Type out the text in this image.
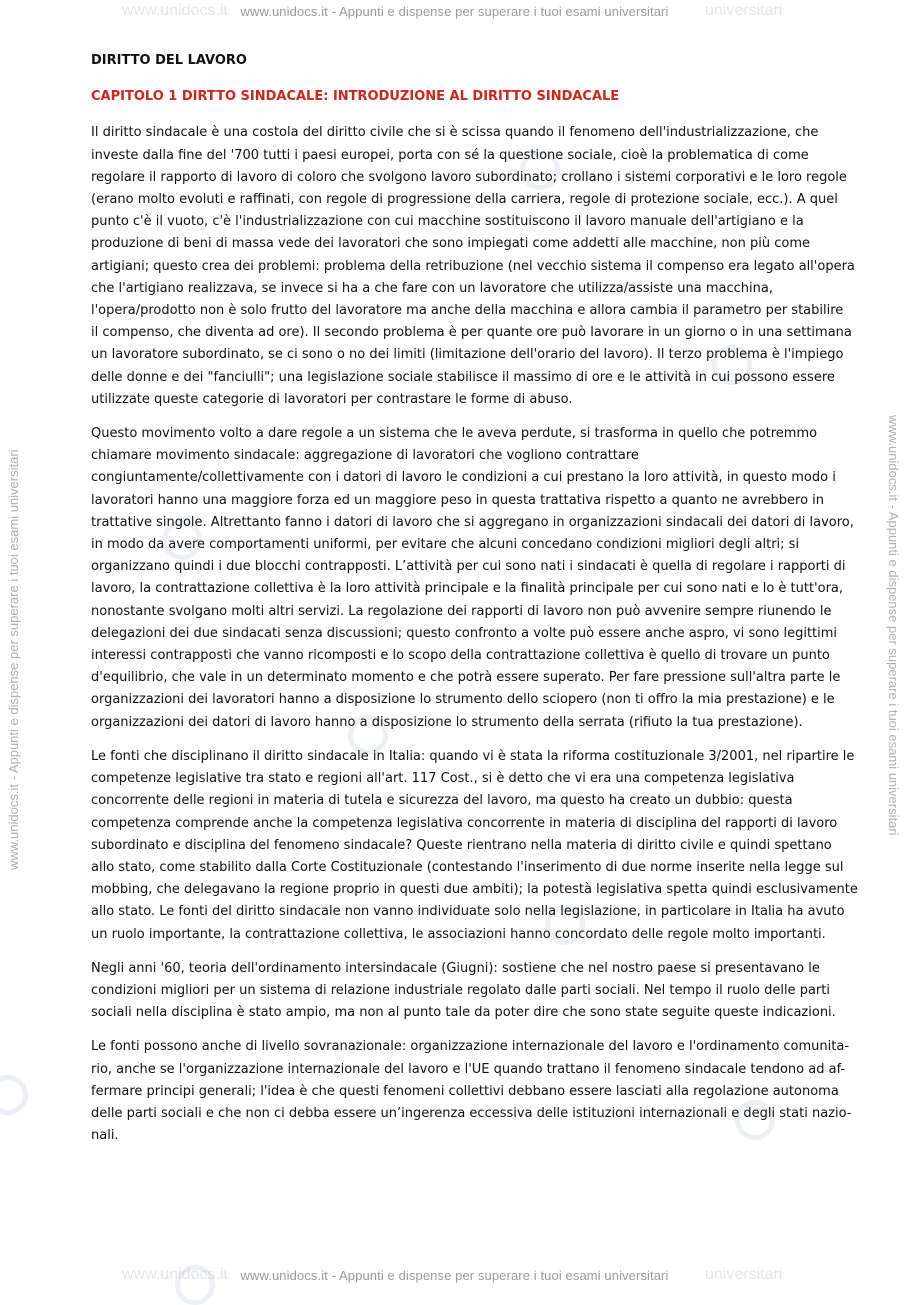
www.unidocs.it	universitari
www.unidocs.it - Appunti e dispense per superare i tuoi esami universitari
www.unidocs.it	universitari
www.unidocs.it - Appunti e dispense per superare i tuoi esami universitari
www.unidocs.it - Appunti e dispense per superare i tuoi esami universitari	www.unidocs.it - Appunti e dispense per superare i tuoi esami universitari
DIRITTO DEL LAVORO
CAPITOLO 1 DIRTTO SINDACALE: INTRODUZIONE AL DIRITTO SINDACALE
Il diritto sindacale è una costola del diritto civile che si è scissa quando il fenomeno dell'industrializzazione, che
investe dalla fine del '700 tutti i paesi europei, porta con sé la questione sociale, cioè la problematica di come
regolare il rapporto di lavoro di coloro che svolgono lavoro subordinato; crollano i sistemi corporativi e le loro regole
(erano molto evoluti e raffinati, con regole di progressione della carriera, regole di protezione sociale, ecc.). A quel
punto c'è il vuoto, c'è l'industrializzazione con cui macchine sostituiscono il lavoro manuale dell'artigiano e la
produzione di beni di massa vede dei lavoratori che sono impiegati come addetti alle macchine, non più come
artigiani; questo crea dei problemi: problema della retribuzione (nel vecchio sistema il compenso era legato all'opera
che l'artigiano realizzava, se invece si ha a che fare con un lavoratore che utilizza/assiste una macchina,
l'opera/prodotto non è solo frutto del lavoratore ma anche della macchina e allora cambia il parametro per stabilire
il compenso, che diventa ad ore). Il secondo problema è per quante ore può lavorare in un giorno o in una settimana
un lavoratore subordinato, se ci sono o no dei limiti (limitazione dell'orario del lavoro). Il terzo problema è l'impiego
delle donne e dei "fanciulli"; una legislazione sociale stabilisce il massimo di ore e le attività in cui possono essere
utilizzate queste categorie di lavoratori per contrastare le forme di abuso.
Questo movimento volto a dare regole a un sistema che le aveva perdute, si trasforma in quello che potremmo
chiamare movimento sindacale: aggregazione di lavoratori che vogliono contrattare
congiuntamente/collettivamente con i datori di lavoro le condizioni a cui prestano la loro attività, in questo modo i
lavoratori hanno una maggiore forza ed un maggiore peso in questa trattativa rispetto a quanto ne avrebbero in
trattative singole. Altrettanto fanno i datori di lavoro che si aggregano in organizzazioni sindacali dei datori di lavoro,
in modo da avere comportamenti uniformi, per evitare che alcuni concedano condizioni migliori degli altri; si
organizzano quindi i due blocchi contrapposti. L’attività per cui sono nati i sindacati è quella di regolare i rapporti di
lavoro, la contrattazione collettiva è la loro attività principale e la finalità principale per cui sono nati e lo è tutt'ora,
nonostante svolgano molti altri servizi. La regolazione dei rapporti di lavoro non può avvenire sempre riunendo le
delegazioni dei due sindacati senza discussioni; questo confronto a volte può essere anche aspro, vi sono legittimi
interessi contrapposti che vanno ricomposti e lo scopo della contrattazione collettiva è quello di trovare un punto
d'equilibrio, che vale in un determinato momento e che potrà essere superato. Per fare pressione sull'altra parte le
organizzazioni dei lavoratori hanno a disposizione lo strumento dello sciopero (non ti offro la mia prestazione) e le
organizzazioni dei datori di lavoro hanno a disposizione lo strumento della serrata (rifiuto la tua prestazione).
Le fonti che disciplinano il diritto sindacale in Italia: quando vi è stata la riforma costituzionale 3/2001, nel ripartire le
competenze legislative tra stato e regioni all'art. 117 Cost., si è detto che vi era una competenza legislativa
concorrente delle regioni in materia di tutela e sicurezza del lavoro, ma questo ha creato un dubbio: questa
competenza comprende anche la competenza legislativa concorrente in materia di disciplina del rapporti di lavoro
subordinato e disciplina del fenomeno sindacale? Queste rientrano nella materia di diritto civile e quindi spettano
allo stato, come stabilito dalla Corte Costituzionale (contestando l'inserimento di due norme inserite nella legge sul
mobbing, che delegavano la regione proprio in questi due ambiti); la potestà legislativa spetta quindi esclusivamente
allo stato. Le fonti del diritto sindacale non vanno individuate solo nella legislazione, in particolare in Italia ha avuto
un ruolo importante, la contrattazione collettiva, le associazioni hanno concordato delle regole molto importanti.
Negli anni '60, teoria dell'ordinamento intersindacale (Giugni): sostiene che nel nostro paese si presentavano le
condizioni migliori per un sistema di relazione industriale regolato dalle parti sociali. Nel tempo il ruolo delle parti
sociali nella disciplina è stato ampio, ma non al punto tale da poter dire che sono state seguite queste indicazioni.
Le fonti possono anche di livello sovranazionale: organizzazione internazionale del lavoro e l'ordinamento comunita-
rio, anche se l'organizzazione internazionale del lavoro e l'UE quando trattano il fenomeno sindacale tendono ad af-
fermare principi generali; l'idea è che questi fenomeni collettivi debbano essere lasciati alla regolazione autonoma
delle parti sociali e che non ci debba essere un’ingerenza eccessiva delle istituzioni internazionali e degli stati nazio-
nali.
